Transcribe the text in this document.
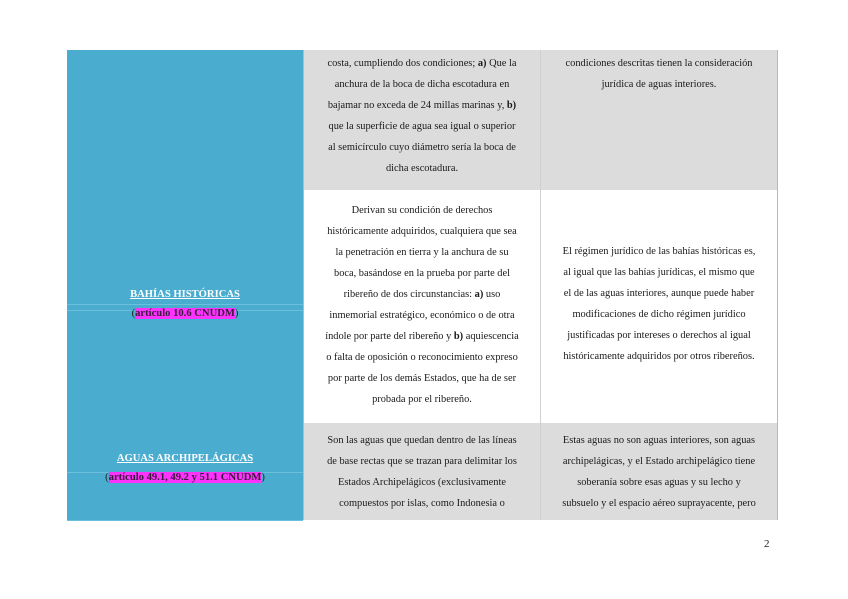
costa, cumpliendo dos condiciones; a) Que la
anchura de la boca de dicha escotadura en
bajamar no exceda de 24 millas marinas y, b)
que la superficie de agua sea igual o superior
al semicírculo cuyo diámetro sería la boca de
dicha escotadura.
condiciones descritas tienen la consideración
jurídica de aguas interiores.
Derivan su condición de derechos
históricamente adquiridos, cualquiera que sea
la penetración en tierra y la anchura de su
boca, basándose en la prueba por parte del
ribereño de dos circunstancias: a) uso
inmemorial estratégico, económico o de otra
índole por parte del ribereño y b) aquiescencia
o falta de oposición o reconocimiento expreso
por parte de los demás Estados, que ha de ser
probada por el ribereño.
El régimen jurídico de las bahías históricas es,
al igual que las bahías jurídicas, el mismo que
el de las aguas interiores, aunque puede haber
modificaciones de dicho régimen jurídico
justificadas por intereses o derechos al igual
históricamente adquiridos por otros ribereños.
Son las aguas que quedan dentro de las líneas
de base rectas que se trazan para delimitar los
Estados Archipelágicos (exclusivamente
compuestos por islas, como Indonesia o
Estas aguas no son aguas interiores, son aguas
archipelágicas, y el Estado archipelágico tiene
soberanía sobre esas aguas y su lecho y
subsuelo y el espacio aéreo suprayacente, pero
BAHÍAS HISTÓRICAS
(artículo 10.6 CNUDM)
AGUAS ARCHIPELÁGICAS
(artículo 49.1, 49.2 y 51.1 CNUDM)
2
